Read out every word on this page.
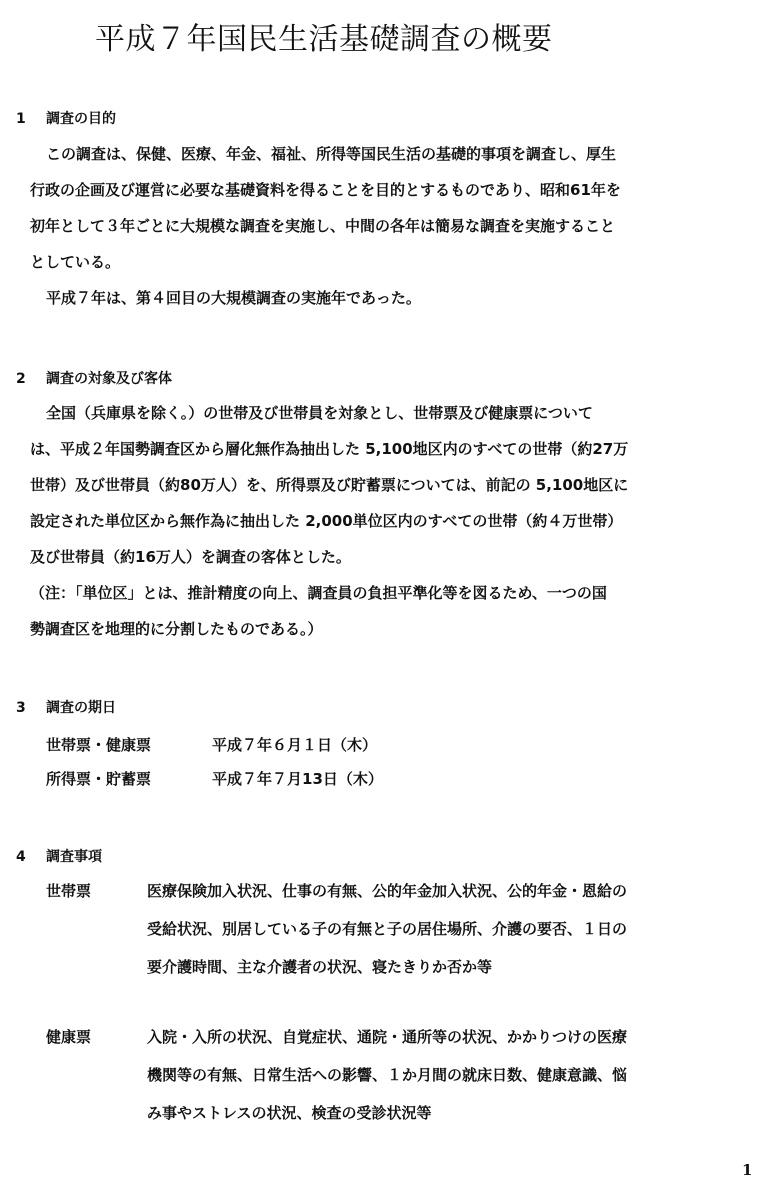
平成７年国民生活基礎調査の概要
1 調査の目的
この調査は、保健、医療、年金、福祉、所得等国民生活の基礎的事項を調査し、厚生
行政の企画及び運営に必要な基礎資料を得ることを目的とするものであり、昭和61年を
初年として３年ごとに大規模な調査を実施し、中間の各年は簡易な調査を実施すること
としている。
平成７年は、第４回目の大規模調査の実施年であった。
2 調査の対象及び客体
全国（兵庫県を除く。）の世帯及び世帯員を対象とし、世帯票及び健康票について
は、平成２年国勢調査区から層化無作為抽出した 5,100地区内のすべての世帯（約27万
世帯）及び世帯員（約80万人）を、所得票及び貯蓄票については、前記の 5,100地区に
設定された単位区から無作為に抽出した 2,000単位区内のすべての世帯（約４万世帯）
及び世帯員（約16万人）を調査の客体とした。
（注：「単位区」とは、推計精度の向上、調査員の負担平準化等を図るため、一つの国
勢調査区を地理的に分割したものである。）
3 調査の期日
世帯票・健康票	平成７年６月１日（木）
所得票・貯蓄票	平成７年７月13日（木）
4 調査事項
世帯票	医療保険加入状況、仕事の有無、公的年金加入状況、公的年金・恩給の
受給状況、別居している子の有無と子の居住場所、介護の要否、１日の
要介護時間、主な介護者の状況、寝たきりか否か等
健康票	入院・入所の状況、自覚症状、通院・通所等の状況、かかりつけの医療
機関等の有無、日常生活への影響、１か月間の就床日数、健康意識、悩
み事やストレスの状況、検査の受診状況等
1
